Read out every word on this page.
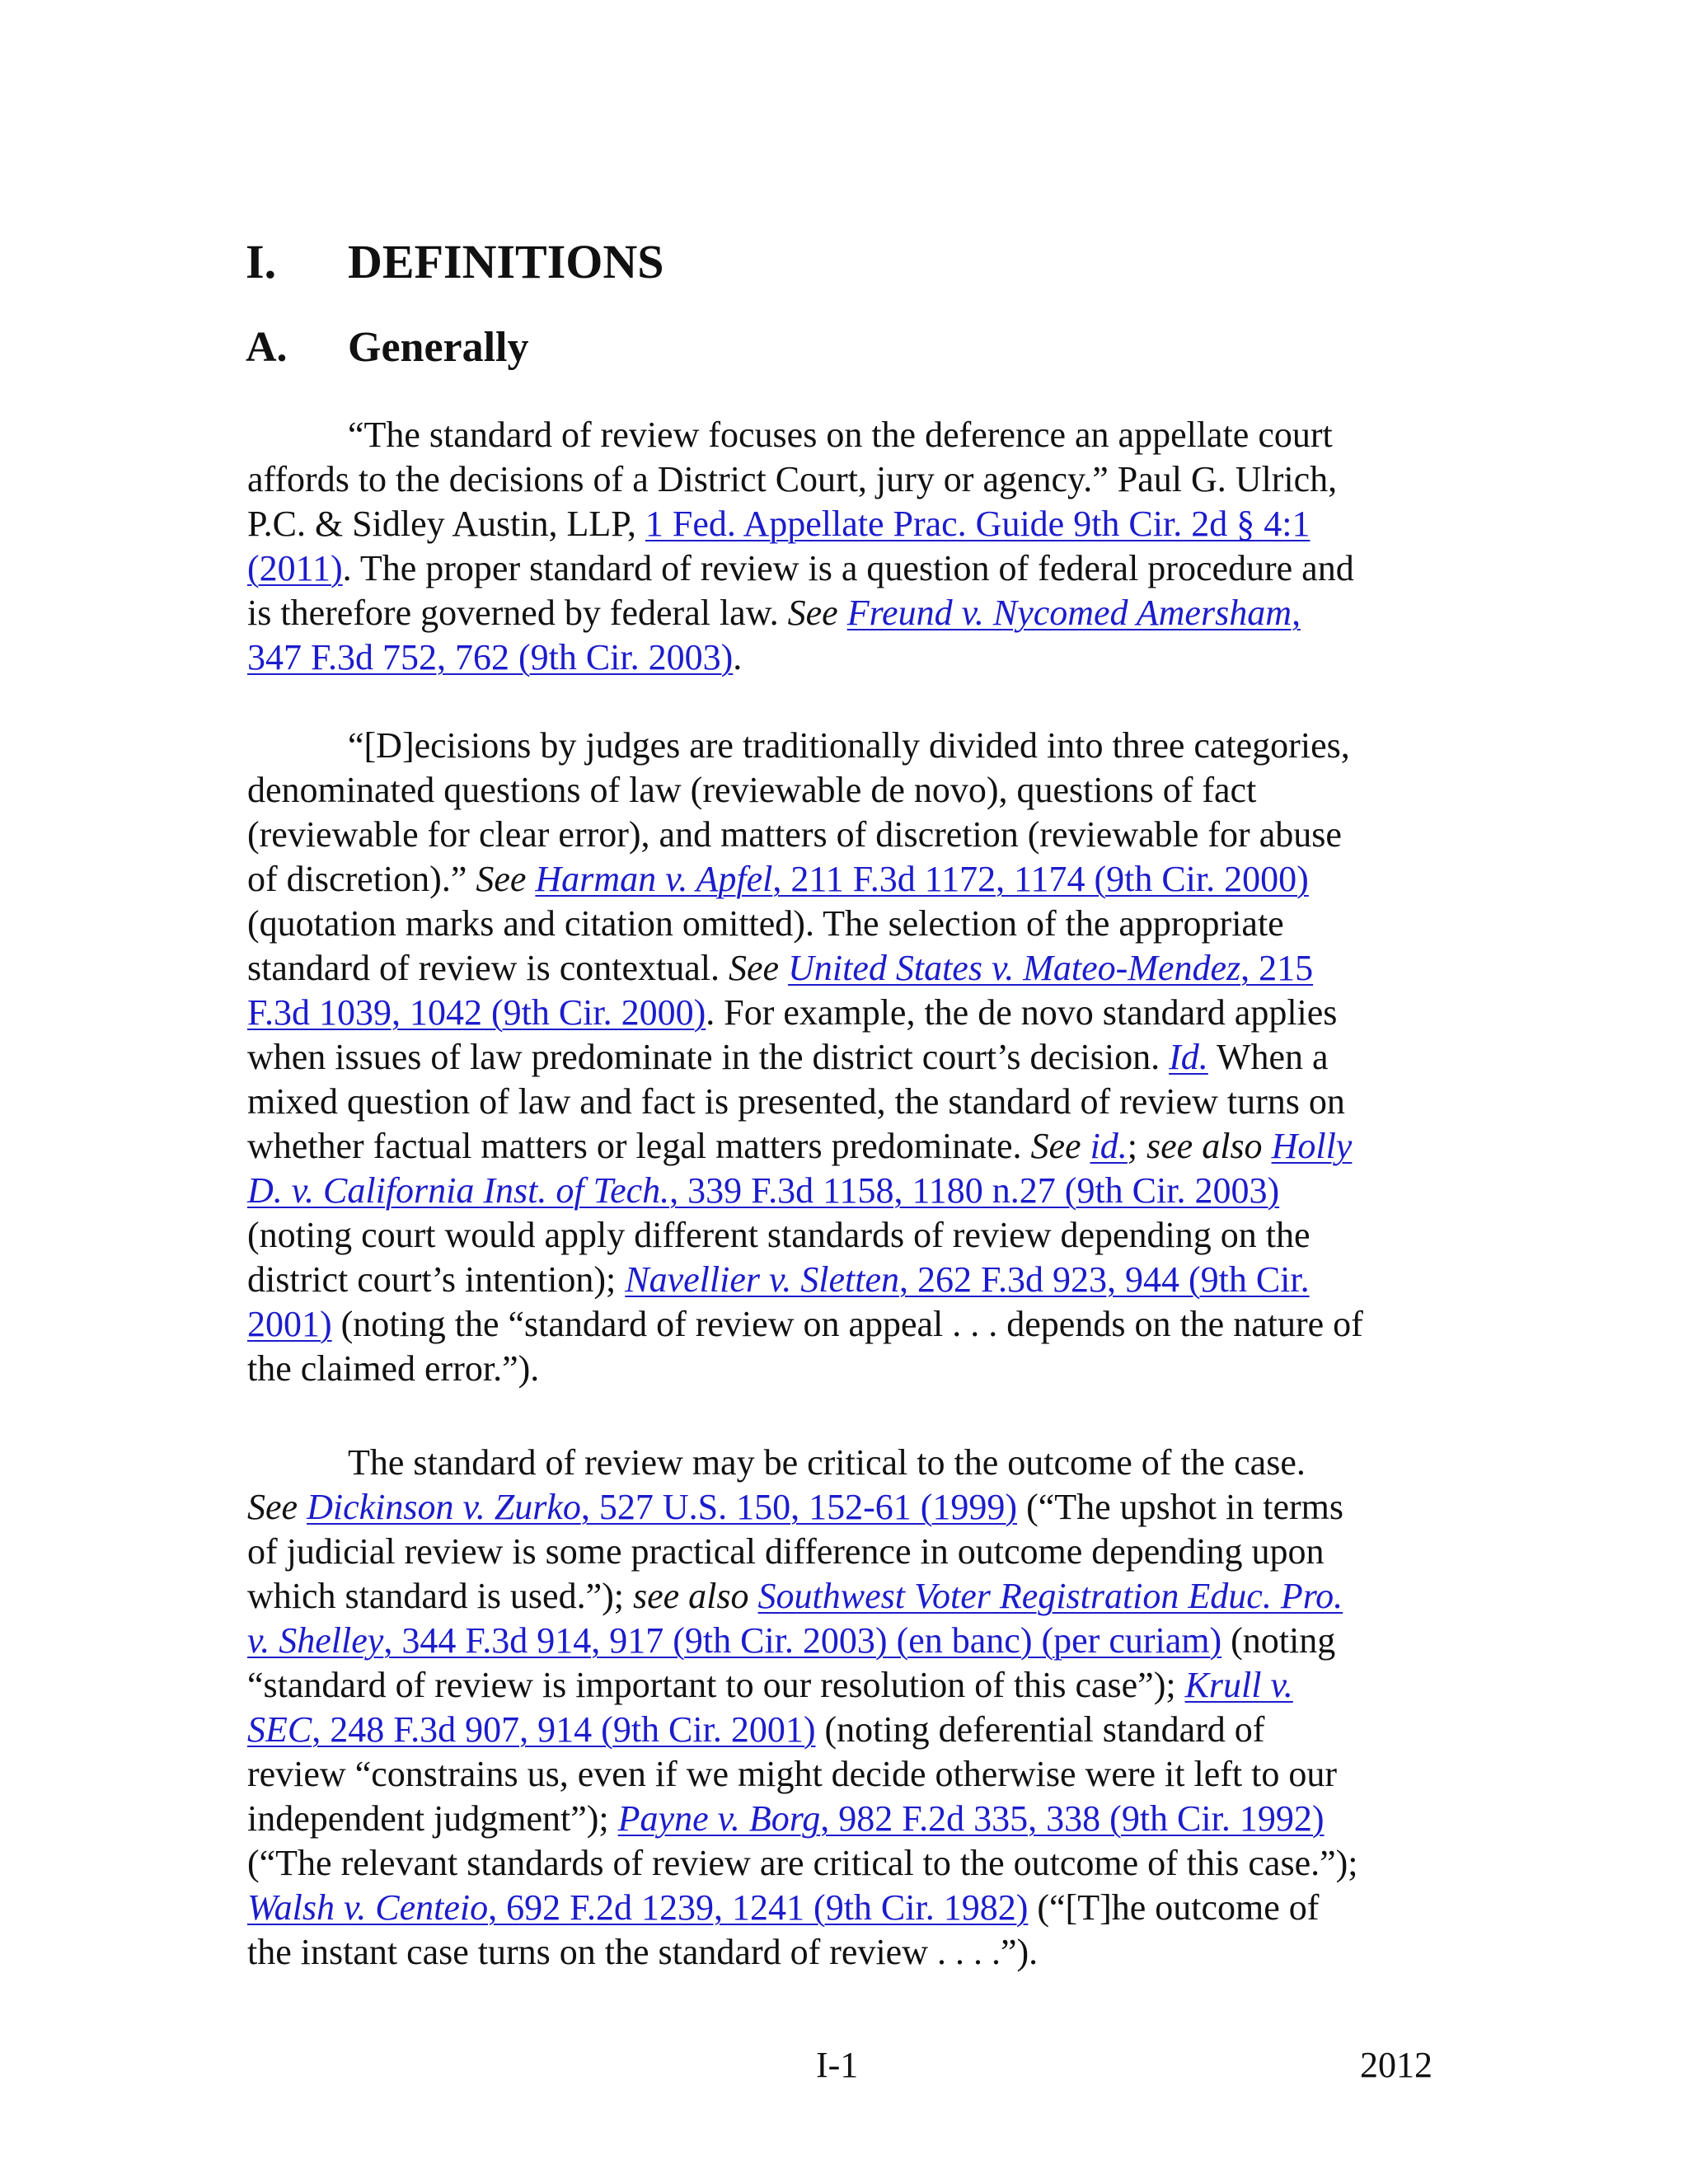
I. DEFINITIONS
A. Generally
“The standard of review focuses on the deference an appellate court
affords to the decisions of a District Court, jury or agency.” Paul G. Ulrich,
P.C. & Sidley Austin, LLP, 1 Fed. Appellate Prac. Guide 9th Cir. 2d § 4:1
(2011). The proper standard of review is a question of federal procedure and
is therefore governed by federal law. See Freund v. Nycomed Amersham,
347 F.3d 752, 762 (9th Cir. 2003).
“[D]ecisions by judges are traditionally divided into three categories,
denominated questions of law (reviewable de novo), questions of fact
(reviewable for clear error), and matters of discretion (reviewable for abuse
of discretion).” See Harman v. Apfel, 211 F.3d 1172, 1174 (9th Cir. 2000)
(quotation marks and citation omitted). The selection of the appropriate
standard of review is contextual. See United States v. Mateo-Mendez, 215
F.3d 1039, 1042 (9th Cir. 2000). For example, the de novo standard applies
when issues of law predominate in the district court’s decision. Id. When a
mixed question of law and fact is presented, the standard of review turns on
whether factual matters or legal matters predominate. See id.; see also Holly
D. v. California Inst. of Tech., 339 F.3d 1158, 1180 n.27 (9th Cir. 2003)
(noting court would apply different standards of review depending on the
district court’s intention); Navellier v. Sletten, 262 F.3d 923, 944 (9th Cir.
2001) (noting the “standard of review on appeal . . . depends on the nature of
the claimed error.”).
The standard of review may be critical to the outcome of the case.
See Dickinson v. Zurko, 527 U.S. 150, 152-61 (1999) (“The upshot in terms
of judicial review is some practical difference in outcome depending upon
which standard is used.”); see also Southwest Voter Registration Educ. Pro.
v. Shelley, 344 F.3d 914, 917 (9th Cir. 2003) (en banc) (per curiam) (noting
“standard of review is important to our resolution of this case”); Krull v.
SEC, 248 F.3d 907, 914 (9th Cir. 2001) (noting deferential standard of
review “constrains us, even if we might decide otherwise were it left to our
independent judgment”); Payne v. Borg, 982 F.2d 335, 338 (9th Cir. 1992)
(“The relevant standards of review are critical to the outcome of this case.”);
Walsh v. Centeio, 692 F.2d 1239, 1241 (9th Cir. 1982) (“[T]he outcome of
the instant case turns on the standard of review . . . .”).
I-1	2012
